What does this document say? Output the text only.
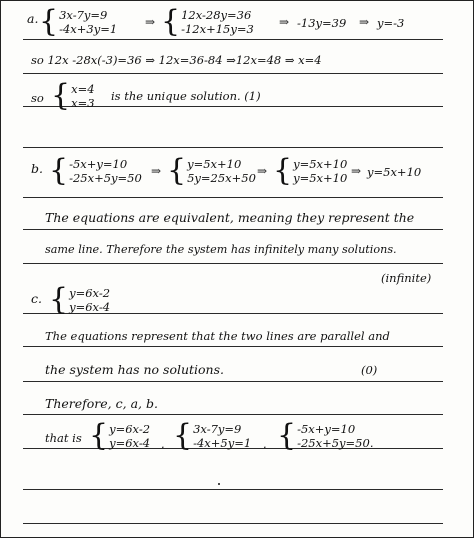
a. { 3x-7y=9
-4x+3y=1 ⇒ { 12x-28y=36
-12x+15y=3 ⇒ -13y=39 ⇒ y=-3
so 12x -28x(-3)=36 ⇒ 12x=36-84 ⇒12x=48 ⇒ x=4
so { x=4
x=3 is the unique solution. (1)
b. { -5x+y=10
-25x+5y=50 ⇒ { y=5x+10
5y=25x+50 ⇒ { y=5x+10
y=5x+10 ⇒ y=5x+10
The equations are equivalent, meaning they represent the
same line. Therefore the system has infinitely many solutions.
(infinite)
c. { y=6x-2
y=6x-4
The equations represent that the two lines are parallel and
the system has no solutions.	(0)
Therefore, c, a, b.
that is { y=6x-2
y=6x-4 . { 3x-7y=9
-4x+5y=1 . { -5x+y=10
-25x+5y=50.
